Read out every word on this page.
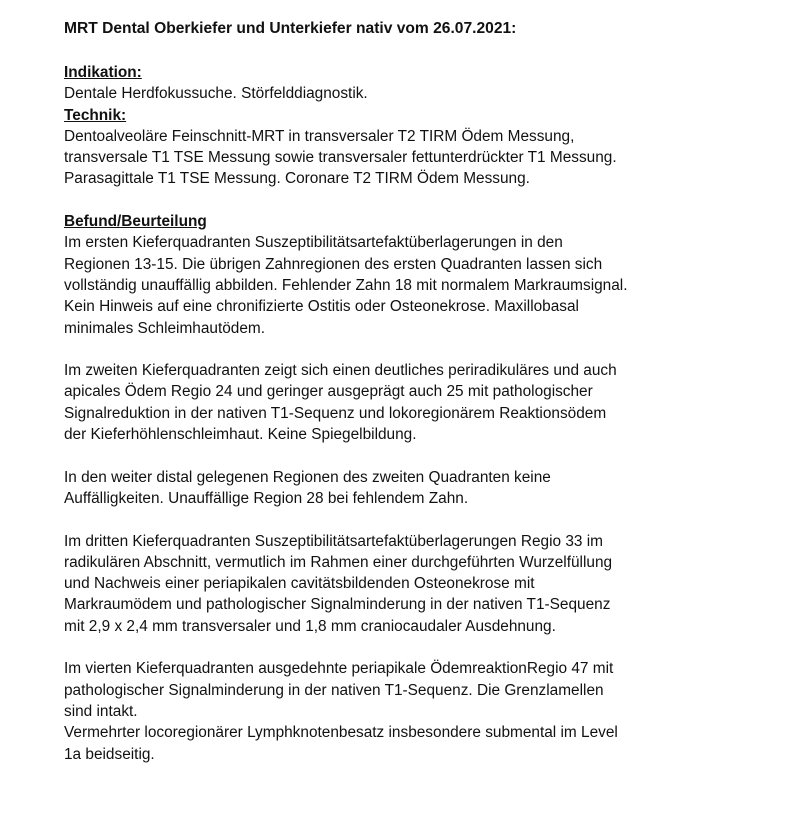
MRT Dental Oberkiefer und Unterkiefer nativ vom 26.07.2021:
Indikation:
Dentale Herdfokussuche. Störfelddiagnostik.
Technik:
Dentoalveoläre Feinschnitt-MRT in transversaler T2 TIRM Ödem Messung,
transversale T1 TSE Messung sowie transversaler fettunterdrückter T1 Messung.
Parasagittale T1 TSE Messung. Coronare T2 TIRM Ödem Messung.
Befund/Beurteilung
Im ersten Kieferquadranten Suszeptibilitätsartefaktüberlagerungen in den
Regionen 13-15. Die übrigen Zahnregionen des ersten Quadranten lassen sich
vollständig unauffällig abbilden. Fehlender Zahn 18 mit normalem Markraumsignal.
Kein Hinweis auf eine chronifizierte Ostitis oder Osteonekrose. Maxillobasal
minimales Schleimhautödem.
Im zweiten Kieferquadranten zeigt sich einen deutliches periradikuläres und auch
apicales Ödem Regio 24 und geringer ausgeprägt auch 25 mit pathologischer
Signalreduktion in der nativen T1-Sequenz und lokoregionärem Reaktionsödem
der Kieferhöhlenschleimhaut. Keine Spiegelbildung.
In den weiter distal gelegenen Regionen des zweiten Quadranten keine
Auffälligkeiten. Unauffällige Region 28 bei fehlendem Zahn.
Im dritten Kieferquadranten Suszeptibilitätsartefaktüberlagerungen Regio 33 im
radikulären Abschnitt, vermutlich im Rahmen einer durchgeführten Wurzelfüllung
und Nachweis einer periapikalen cavitätsbildenden Osteonekrose mit
Markraumödem und pathologischer Signalminderung in der nativen T1-Sequenz
mit 2,9 x 2,4 mm transversaler und 1,8 mm craniocaudaler Ausdehnung.
Im vierten Kieferquadranten ausgedehnte periapikale ÖdemreaktionRegio 47 mit
pathologischer Signalminderung in der nativen T1-Sequenz. Die Grenzlamellen
sind intakt.
Vermehrter locoregionärer Lymphknotenbesatz insbesondere submental im Level
1a beidseitig.
